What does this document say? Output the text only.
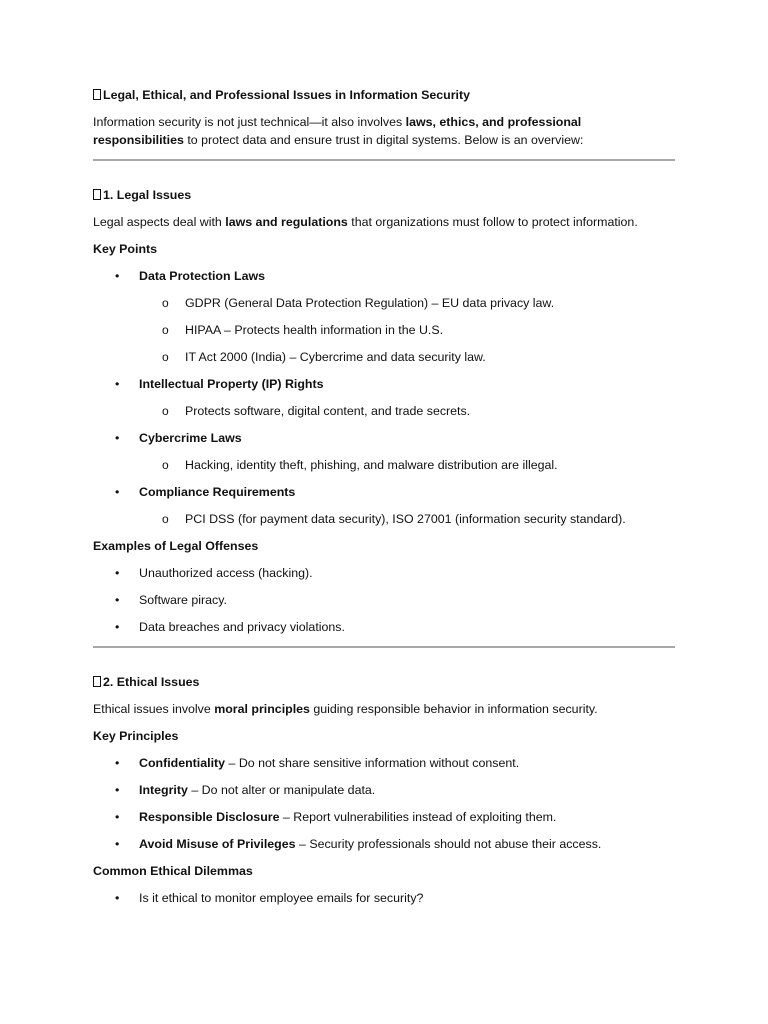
Legal, Ethical, and Professional Issues in Information Security

Information security is not just technical—it also involves laws, ethics, and professional responsibilities to protect data and ensure trust in digital systems. Below is an overview:

1. Legal Issues

Legal aspects deal with laws and regulations that organizations must follow to protect information.

Key Points

• Data Protection Laws
o GDPR (General Data Protection Regulation) – EU data privacy law.
o HIPAA – Protects health information in the U.S.
o IT Act 2000 (India) – Cybercrime and data security law.
• Intellectual Property (IP) Rights
o Protects software, digital content, and trade secrets.
• Cybercrime Laws
o Hacking, identity theft, phishing, and malware distribution are illegal.
• Compliance Requirements
o PCI DSS (for payment data security), ISO 27001 (information security standard).

Examples of Legal Offenses

• Unauthorized access (hacking).
• Software piracy.
• Data breaches and privacy violations.

2. Ethical Issues

Ethical issues involve moral principles guiding responsible behavior in information security.

Key Principles

• Confidentiality – Do not share sensitive information without consent.
• Integrity – Do not alter or manipulate data.
• Responsible Disclosure – Report vulnerabilities instead of exploiting them.
• Avoid Misuse of Privileges – Security professionals should not abuse their access.

Common Ethical Dilemmas

• Is it ethical to monitor employee emails for security?
